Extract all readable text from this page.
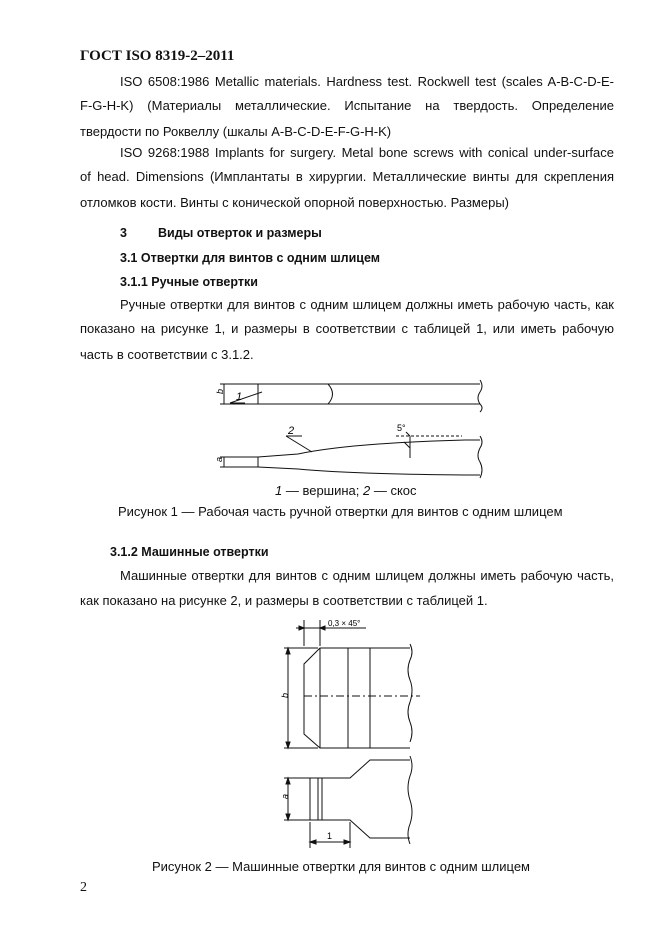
ГОСТ ISO 8319-2–2011
ISO 6508:1986 Metallic materials. Hardness test. Rockwell test (scales A-B-C-D-E-
F-G-H-K) (Материалы металлические. Испытание на твердость. Определение
твердости по Роквеллу (шкалы A-B-C-D-E-F-G-H-K)
ISO 9268:1988 Implants for surgery. Metal bone screws with conical under-surface
of head. Dimensions (Имплантаты в хирургии. Металлические винты для скрепления
отломков кости. Винты с конической опорной поверхностью. Размеры)
3 Виды отверток и размеры
3.1 Отвертки для винтов с одним шлицем
3.1.1 Ручные отвертки
Ручные отвертки для винтов с одним шлицем должны иметь рабочую часть, как
показано на рисунке 1, и размеры в соответствии с таблицей 1, или иметь рабочую
часть в соответствии с 3.1.2.
b 1
a
2	5°
1 — вершина; 2 — скос
Рисунок 1 — Рабочая часть ручной отвертки для винтов с одним шлицем
3.1.2 Машинные отвертки
Машинные отвертки для винтов с одним шлицем должны иметь рабочую часть,
как показано на рисунке 2, и размеры в соответствии с таблицей 1.
0,3 × 45°
b
a
1
Рисунок 2 — Машинные отвертки для винтов с одним шлицем
2
